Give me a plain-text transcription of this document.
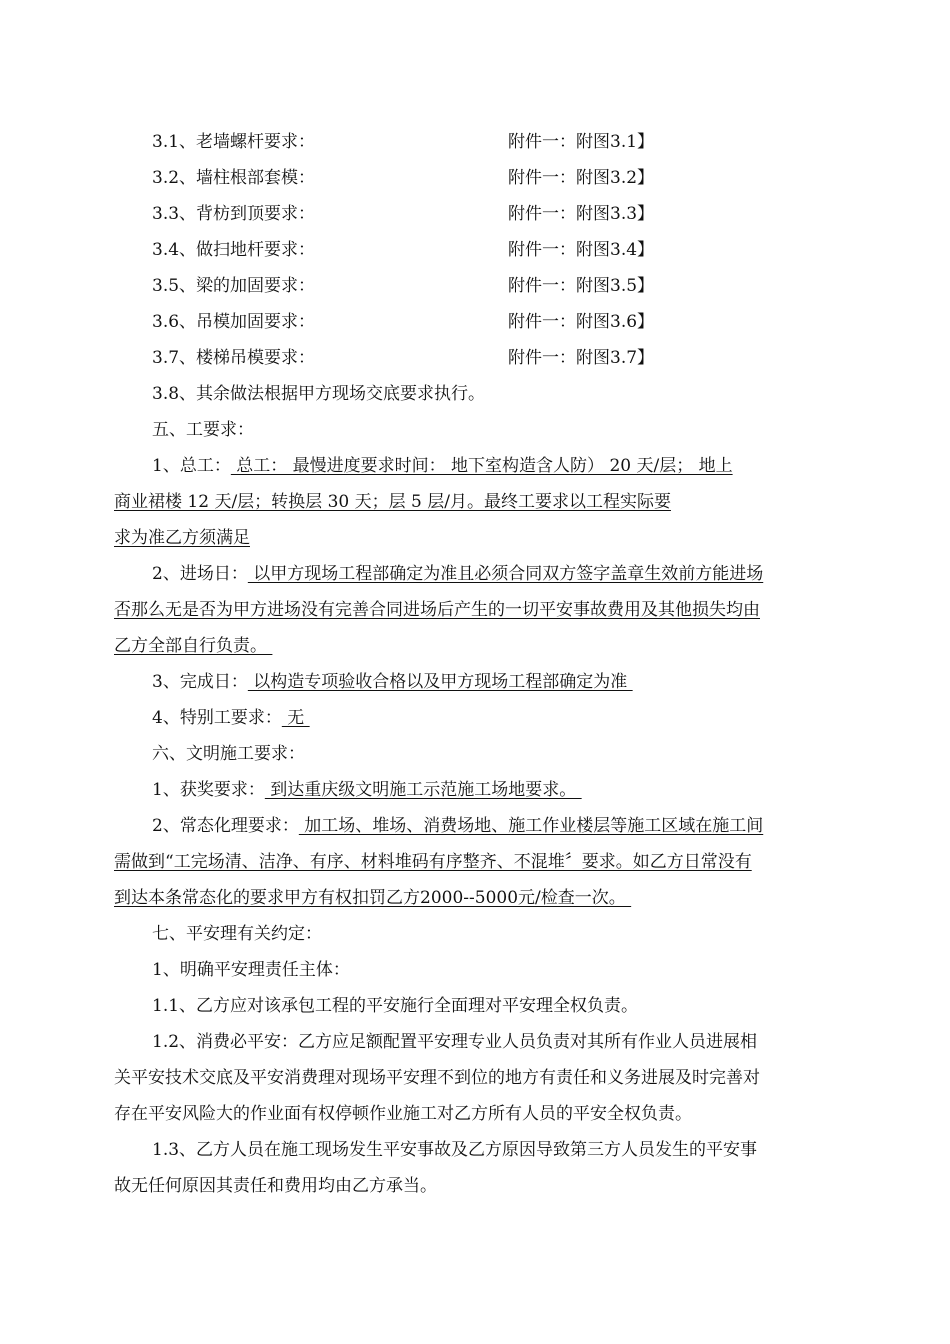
3.1、老墙螺杆要求：	附件一：附图3.1】
3.2、墙柱根部套模：	附件一：附图3.2】
3.3、背枋到顶要求：	附件一：附图3.3】
3.4、做扫地杆要求：	附件一：附图3.4】
3.5、梁的加固要求：	附件一：附图3.5】
3.6、吊模加固要求：	附件一：附图3.6】
3.7、楼梯吊模要求：	附件一：附图3.7】
3.8、其余做法根据甲方现场交底要求执行。
五、工要求：
1、总工： 总工： 最慢进度要求时间： 地下室构造含人防） 20 天/层； 地上
商业裙楼 12 天/层；转换层 30 天；层 5 层/月。最终工要求以工程实际要
求为准乙方须满足
2、进场日： 以甲方现场工程部确定为准且必须合同双方签字盖章生效前方能进场
否那么无是否为甲方进场没有完善合同进场后产生的一切平安事故费用及其他损失均由
乙方全部自行负责。
3、完成日： 以构造专项验收合格以及甲方现场工程部确定为准
4、特别工要求： 无
六、文明施工要求：
1、获奖要求： 到达重庆级文明施工示范施工场地要求。
2、常态化理要求： 加工场、堆场、消费场地、施工作业楼层等施工区域在施工间
需做到“工完场清、洁净、有序、材料堆码有序整齐、不混堆〞要求。如乙方日常没有
到达本条常态化的要求甲方有权扣罚乙方2000--5000元/检查一次。
七、平安理有关约定：
1、明确平安理责任主体：
1.1、乙方应对该承包工程的平安施行全面理对平安理全权负责。
1.2、消费必平安：乙方应足额配置平安理专业人员负责对其所有作业人员进展相
关平安技术交底及平安消费理对现场平安理不到位的地方有责任和义务进展及时完善对
存在平安风险大的作业面有权停顿作业施工对乙方所有人员的平安全权负责。
1.3、乙方人员在施工现场发生平安事故及乙方原因导致第三方人员发生的平安事
故无任何原因其责任和费用均由乙方承当。
